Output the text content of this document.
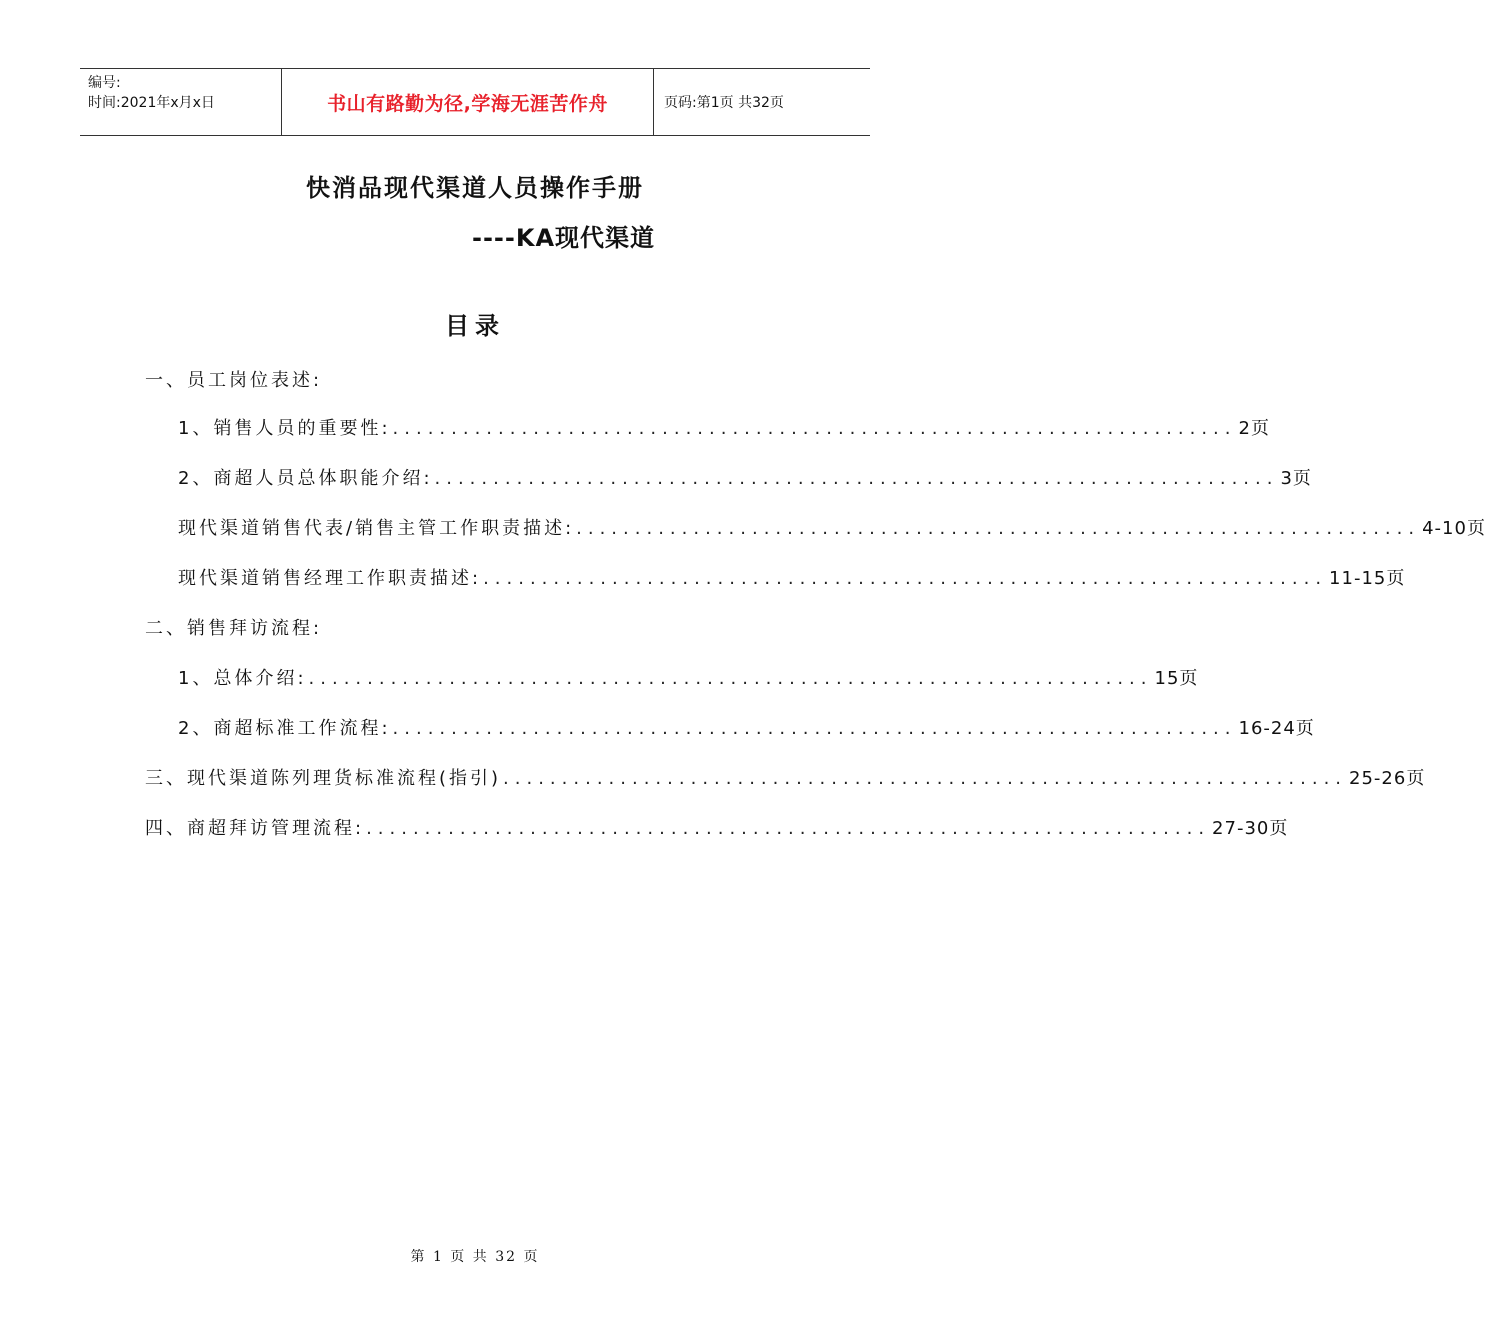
编号:
时间:2021年x月x日	书山有路勤为径,学海无涯苦作舟	页码:第1页 共32页
快消品现代渠道人员操作手册
----KA现代渠道
目录
一、员工岗位表述:
1、销售人员的重要性: ........................................................................ 2页
2、商超人员总体职能介绍: ........................................................................ 3页
现代渠道销售代表/销售主管工作职责描述: ........................................................................ 4-10页
现代渠道销售经理工作职责描述: ........................................................................ 11-15页
二、销售拜访流程:
1、总体介绍: ........................................................................ 15页
2、商超标准工作流程: ........................................................................ 16-24页
三、现代渠道陈列理货标准流程(指引) ........................................................................ 25-26页
四、商超拜访管理流程: ........................................................................ 27-30页
第 1 页 共 32 页
